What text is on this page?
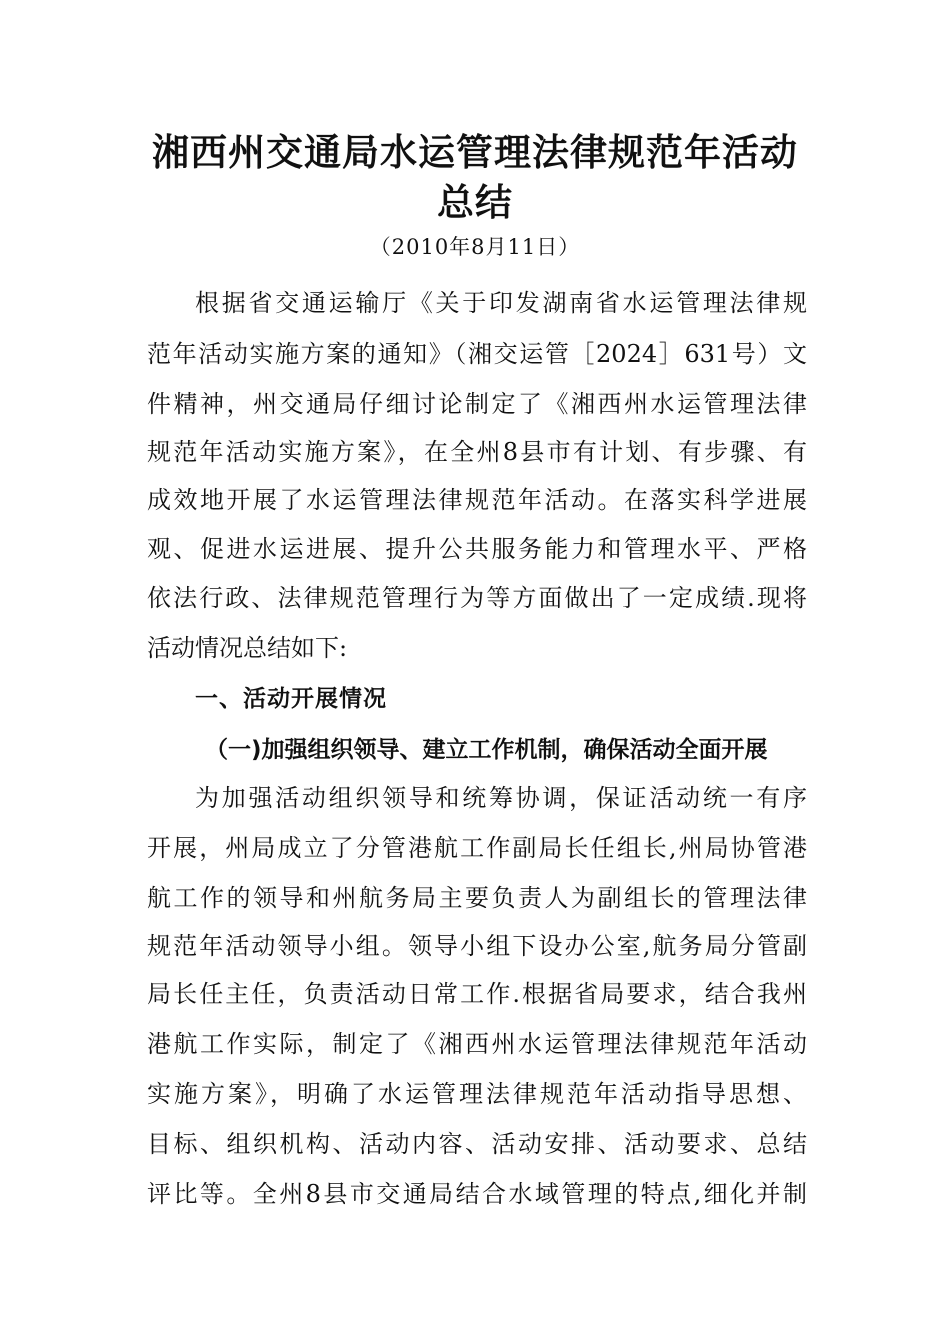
湘西州交通局水运管理法律规范年活动
总结
（2010年8月11日）
根据省交通运输厅《关于印发湖南省水运管理法律规
范年活动实施方案的通知》（湘交运管［2024］631号）文
件精神，州交通局仔细讨论制定了《湘西州水运管理法律
规范年活动实施方案》，在全州8县市有计划、有步骤、有
成效地开展了水运管理法律规范年活动。在落实科学进展
观、促进水运进展、提升公共服务能力和管理水平、严格
依法行政、法律规范管理行为等方面做出了一定成绩.现将
活动情况总结如下:
一、活动开展情况
（一)加强组织领导、建立工作机制，确保活动全面开展
为加强活动组织领导和统筹协调，保证活动统一有序
开展，州局成立了分管港航工作副局长任组长,州局协管港
航工作的领导和州航务局主要负责人为副组长的管理法律
规范年活动领导小组。领导小组下设办公室,航务局分管副
局长任主任，负责活动日常工作.根据省局要求，结合我州
港航工作实际，制定了《湘西州水运管理法律规范年活动
实施方案》，明确了水运管理法律规范年活动指导思想、
目标、组织机构、活动内容、活动安排、活动要求、总结
评比等。全州8县市交通局结合水域管理的特点,细化并制
